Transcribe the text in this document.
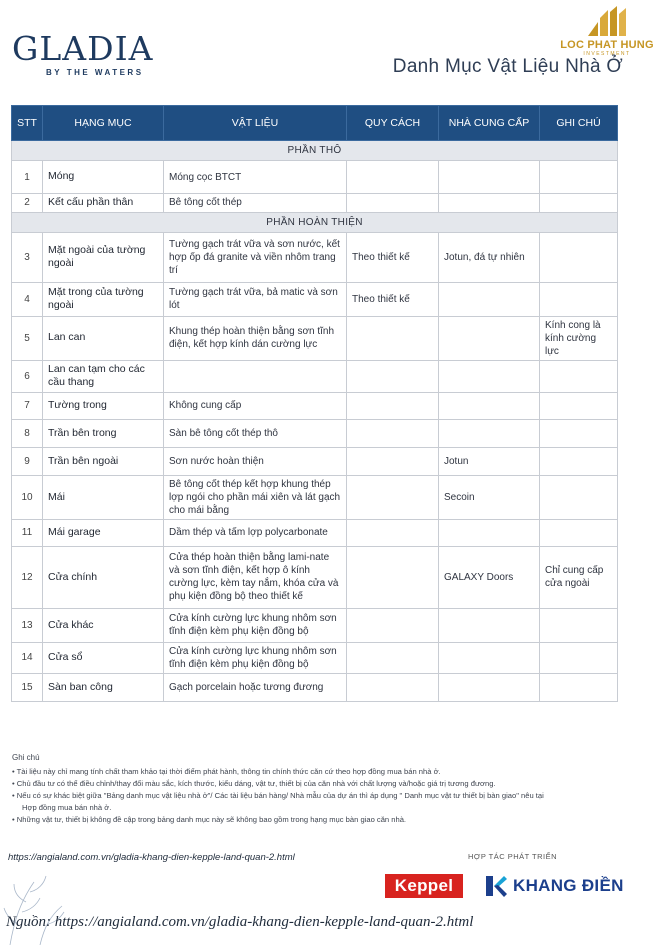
GLADIA
BY THE WATERS
LOC PHAT HUNG
INVESTMENT
Danh Mục Vật Liệu Nhà Ở
STT	HẠNG MỤC	VẬT LIỆU	QUY CÁCH	NHÀ CUNG CẤP	GHI CHÚ
PHẦN THÔ					
1	Móng	Móng cọc BTCT			
2	Kết cấu phần thân	Bê tông cốt thép			
PHẦN HOÀN THIỆN					
3	Mặt ngoài của tường ngoài	Tường gạch trát vữa và sơn nước, kết hợp ốp đá granite và viền nhôm trang trí	Theo thiết kế	Jotun, đá tự nhiên	
4	Mặt trong của tường ngoài	Tường gạch trát vữa, bả matic và sơn lót	Theo thiết kế		
5	Lan can	Khung thép hoàn thiện bằng sơn tĩnh điện, kết hợp kính dán cường lực			Kính cong là kính cường lực
6	Lan can tạm cho các cầu thang				
7	Tường trong	Không cung cấp			
8	Trần bên trong	Sàn bê tông cốt thép thô			
9	Trần bên ngoài	Sơn nước hoàn thiện		Jotun	
10	Mái	Bê tông cốt thép kết hợp khung thép lợp ngói cho phần mái xiên và lát gạch cho mái bằng		Secoin	
11	Mái garage	Dầm thép và tấm lợp polycarbonate			
12	Cửa chính	Cửa thép hoàn thiện bằng lami-nate và sơn tĩnh điện, kết hợp ô kính cường lực, kèm tay nắm, khóa cửa và phụ kiện đồng bộ theo thiết kế		GALAXY Doors	Chỉ cung cấp cửa ngoài
13	Cửa khác	Cửa kính cường lực khung nhôm sơn tĩnh điện kèm phụ kiện đồng bộ			
14	Cửa sổ	Cửa kính cường lực khung nhôm sơn tĩnh điện kèm phụ kiện đồng bộ			
15	Sàn ban công	Gạch porcelain hoặc tương đương			
Ghi chú
• Tài liệu này chỉ mang tính chất tham khảo tại thời điểm phát hành, thông tin chính thức căn cứ theo hợp đồng mua bán nhà ở.
• Chủ đầu tư có thể điều chỉnh/thay đổi màu sắc, kích thước, kiểu dáng, vật tư, thiết bị của căn nhà với chất lượng và/hoặc giá trị tương đương.
• Nếu có sự khác biệt giữa "Bảng danh mục vật liệu nhà ở"/ Các tài liệu bán hàng/ Nhà mẫu của dự án thì áp dụng " Danh mục vật tư thiết bị bàn giao" nêu tại
Hợp đồng mua bán nhà ở.
• Những vật tư, thiết bị không đề cập trong bảng danh mục này sẽ không bao gồm trong hạng mục bàn giao căn nhà.
https://angialand.com.vn/gladia-khang-dien-kepple-land-quan-2.html	HỢP TÁC PHÁT TRIỂN
Keppel	KHANG ĐIỀN
Nguồn: https://angialand.com.vn/gladia-khang-dien-kepple-land-quan-2.html
